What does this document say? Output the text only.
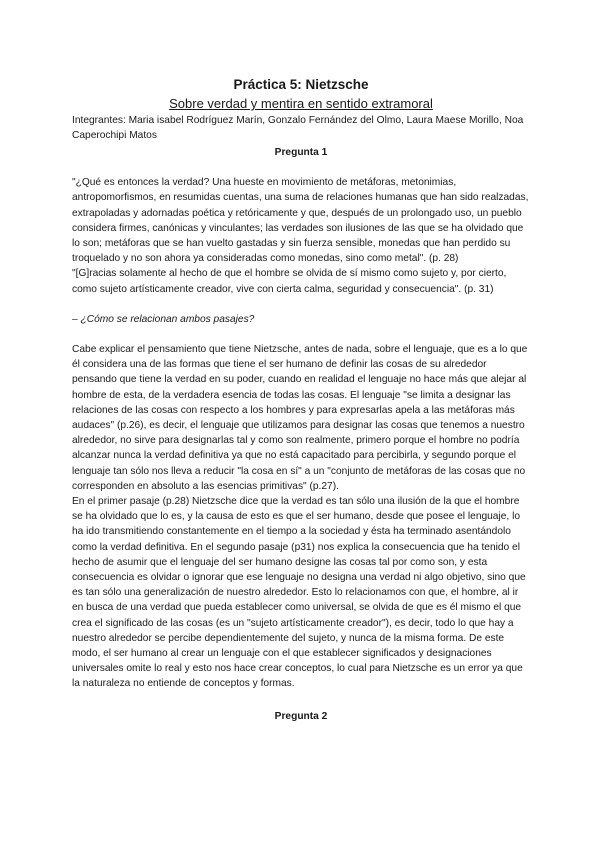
Práctica 5: Nietzsche
Sobre verdad y mentira en sentido extramoral

Integrantes: Maria isabel Rodríguez Marín, Gonzalo Fernández del Olmo, Laura Maese Morillo, Noa Caperochipi Matos

Pregunta 1

"¿Qué es entonces la verdad? Una hueste en movimiento de metáforas, metonimias, antropomorfismos, en resumidas cuentas, una suma de relaciones humanas que han sido realzadas, extrapoladas y adornadas poética y retóricamente y que, después de un prolongado uso, un pueblo considera firmes, canónicas y vinculantes; las verdades son ilusiones de las que se ha olvidado que lo son; metáforas que se han vuelto gastadas y sin fuerza sensible, monedas que han perdido su troquelado y no son ahora ya consideradas como monedas, sino como metal". (p. 28)

"[G]racias solamente al hecho de que el hombre se olvida de sí mismo como sujeto y, por cierto, como sujeto artísticamente creador, vive con cierta calma, seguridad y consecuencia". (p. 31)

– ¿Cómo se relacionan ambos pasajes?

Cabe explicar el pensamiento que tiene Nietzsche, antes de nada, sobre el lenguaje, que es a lo que él considera una de las formas que tiene el ser humano de definir las cosas de su alrededor pensando que tiene la verdad en su poder, cuando en realidad el lenguaje no hace más que alejar al hombre de esta, de la verdadera esencia de todas las cosas. El lenguaje "se limita a designar las relaciones de las cosas con respecto a los hombres y para expresarlas apela a las metáforas más audaces" (p.26), es decir, el lenguaje que utilizamos para designar las cosas que tenemos a nuestro alrededor, no sirve para designarlas tal y como son realmente, primero porque el hombre no podría alcanzar nunca la verdad definitiva ya que no está capacitado para percibirla, y segundo porque el lenguaje tan sólo nos lleva a reducir "la cosa en sí" a un "conjunto de metáforas de las cosas que no corresponden en absoluto a las esencias primitivas" (p.27).

En el primer pasaje (p.28) Nietzsche dice que la verdad es tan sólo una ilusión de la que el hombre se ha olvidado que lo es, y la causa de esto es que el ser humano, desde que posee el lenguaje, lo ha ido transmitiendo constantemente en el tiempo a la sociedad y ésta ha terminado asentándolo como la verdad definitiva. En el segundo pasaje (p31) nos explica la consecuencia que ha tenido el hecho de asumir que el lenguaje del ser humano designe las cosas tal por como son, y esta consecuencia es olvidar o ignorar que ese lenguaje no designa una verdad ni algo objetivo, sino que es tan sólo una generalización de nuestro alrededor. Esto lo relacionamos con que, el hombre, al ir en busca de una verdad que pueda establecer como universal, se olvida de que es él mismo el que crea el significado de las cosas (es un "sujeto artísticamente creador"), es decir, todo lo que hay a nuestro alrededor se percibe dependientemente del sujeto, y nunca de la misma forma. De este modo, el ser humano al crear un lenguaje con el que establecer significados y designaciones universales omite lo real y esto nos hace crear conceptos, lo cual para Nietzsche es un error ya que la naturaleza no entiende de conceptos y formas.

Pregunta 2
